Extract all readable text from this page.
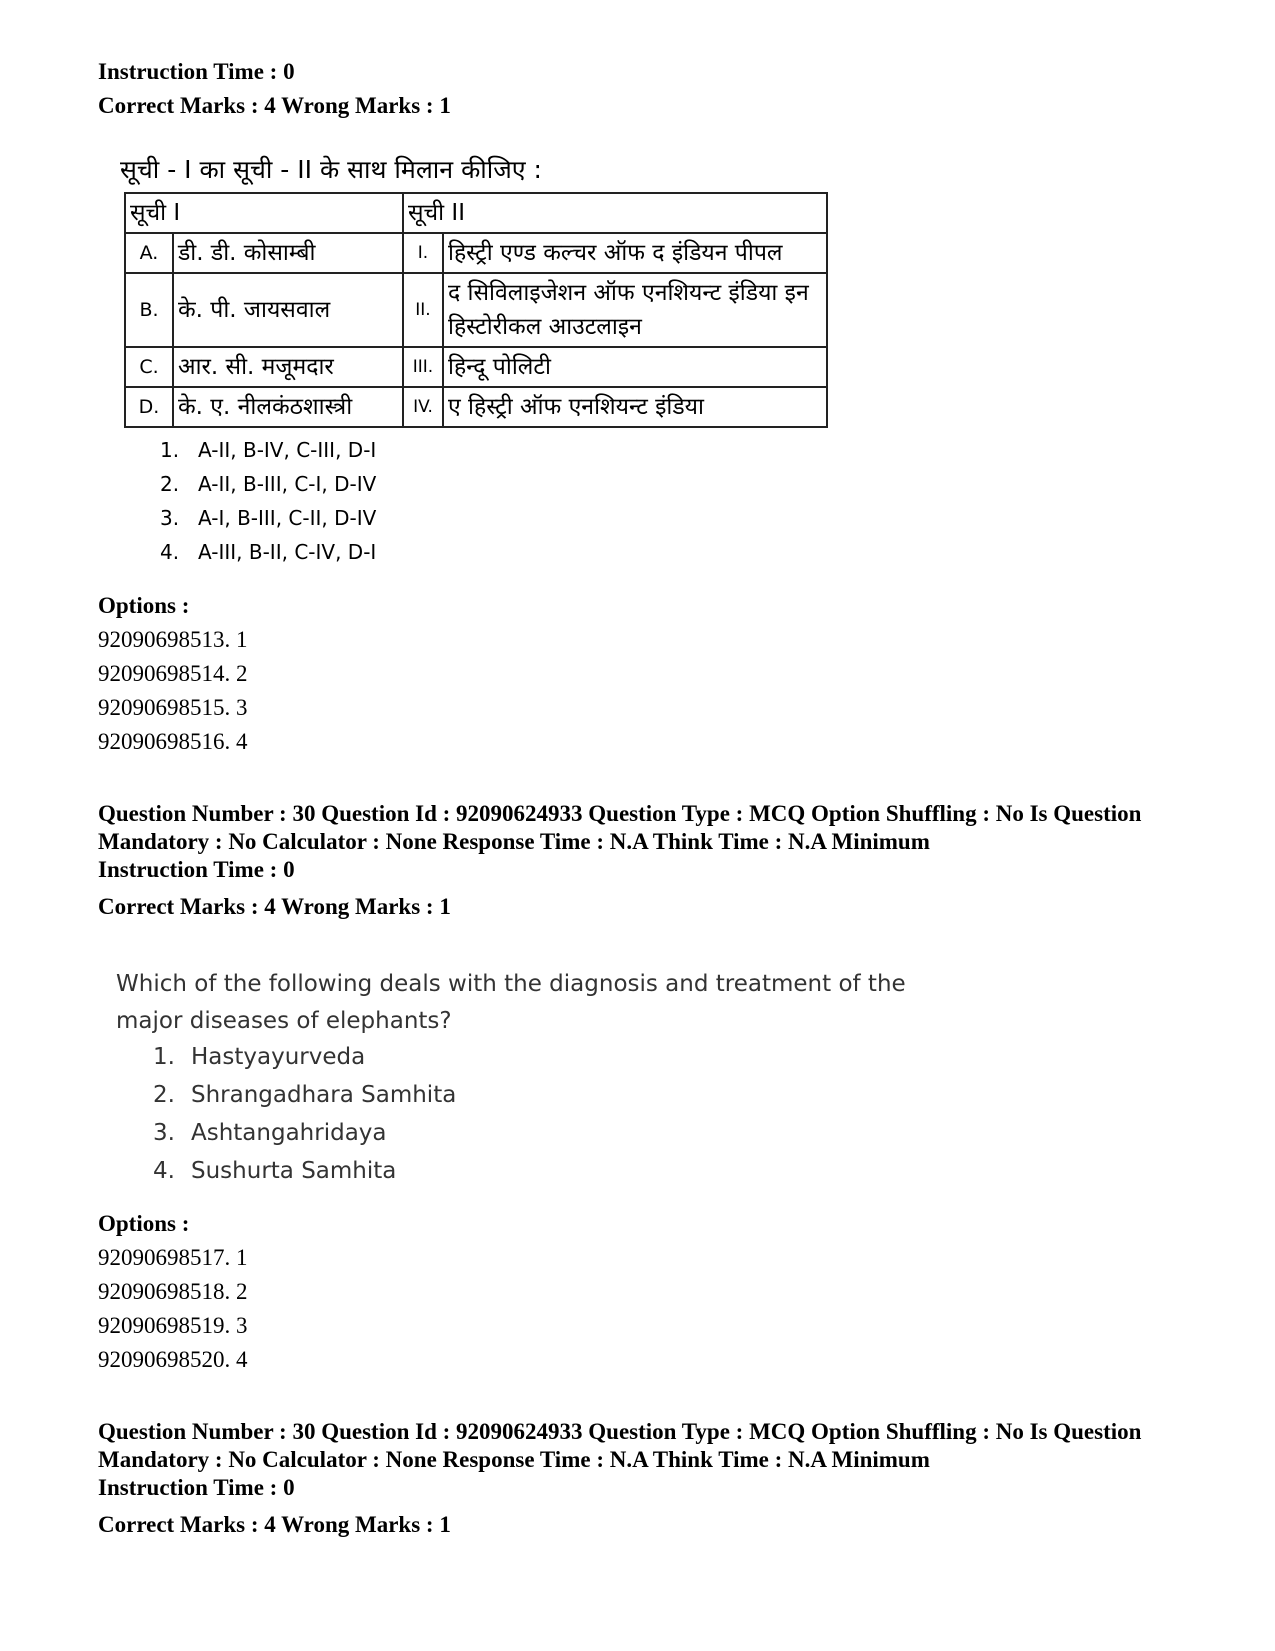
Instruction Time : 0
Correct Marks : 4 Wrong Marks : 1
सूची - I का सूची - II के साथ मिलान कीजिए :
सूची I		सूची II	
A.	डी. डी. कोसाम्बी	I.	हिस्ट्री एण्ड कल्चर ऑफ द इंडियन पीपल
B.	के. पी. जायसवाल	II.	द सिविलाइजेशन ऑफ एनशियन्ट इंडिया इन हिस्टोरीकल आउटलाइन
C.	आर. सी. मजूमदार	III.	हिन्दू पोलिटी
D.	के. ए. नीलकंठशास्त्री	IV.	ए हिस्ट्री ऑफ एनशियन्ट इंडिया
1. A-II, B-IV, C-III, D-I
2. A-II, B-III, C-I, D-IV
3. A-I, B-III, C-II, D-IV
4. A-III, B-II, C-IV, D-I
Options :
92090698513. 1
92090698514. 2
92090698515. 3
92090698516. 4
Question Number : 30 Question Id : 92090624933 Question Type : MCQ Option Shuffling : No Is Question Mandatory : No Calculator : None Response Time : N.A Think Time : N.A Minimum
Instruction Time : 0
Correct Marks : 4 Wrong Marks : 1
Which of the following deals with the diagnosis and treatment of the major diseases of elephants?
1. Hastyayurveda
2. Shrangadhara Samhita
3. Ashtangahridaya
4. Sushurta Samhita
Options :
92090698517. 1
92090698518. 2
92090698519. 3
92090698520. 4
Question Number : 30 Question Id : 92090624933 Question Type : MCQ Option Shuffling : No Is Question Mandatory : No Calculator : None Response Time : N.A Think Time : N.A Minimum
Instruction Time : 0
Correct Marks : 4 Wrong Marks : 1
